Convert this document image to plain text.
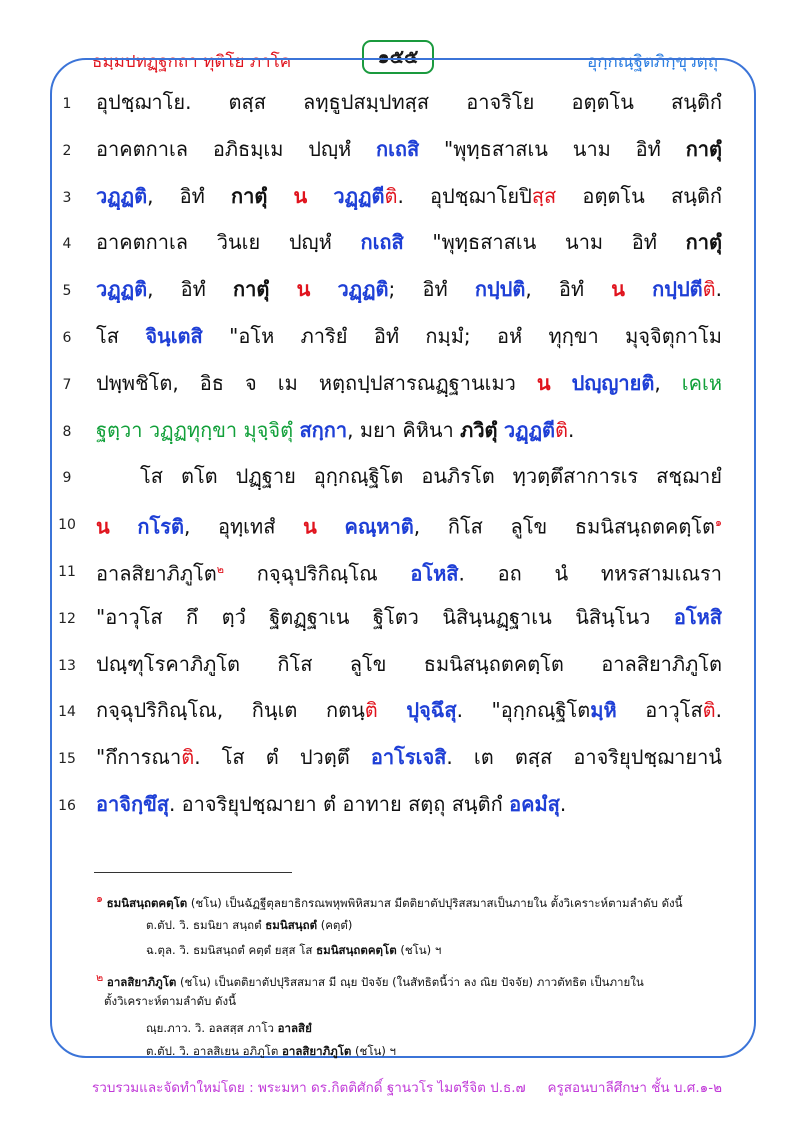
ธมฺมปทฏฺฐกถา ทุติโย ภาโค	๑๕๕	อุกฺกณฺฐิตภิกฺขุวตฺถุ
1	อุปชฺฌาโย. ตสฺส ลทฺธูปสมฺปทสฺส อาจริโย อตฺตโน สนฺติกํ
2	อาคตกาเล อภิธมฺเม ปญฺหํ กเถสิ "พุทฺธสาสเน นาม อิทํ กาตุํ
3	วฏฺฏติ, อิทํ กาตุํ น วฏฺฏตีติ. อุปชฺฌาโยปิสฺส อตฺตโน สนฺติกํ
4	อาคตกาเล วินเย ปญฺหํ กเถสิ "พุทฺธสาสเน นาม อิทํ กาตุํ
5	วฏฺฏติ, อิทํ กาตุํ น วฏฺฏติ; อิทํ กปฺปติ, อิทํ น กปฺปตีติ.
6	โส จินฺเตสิ "อโห ภาริยํ อิทํ กมฺมํ; อหํ ทุกฺขา มุจฺจิตุกาโม
7	ปพฺพชิโต, อิธ จ เม หตฺถปฺปสารณฏฺฐานเมว น ปญฺญายติ, เคเห
8	ฐตฺวา วฏฺฏทุกฺขา มุจฺจิตุํ สกฺกา, มยา คิหินา ภวิตุํ วฏฺฏตีติ.
9	โส ตโต ปฏฺฐาย อุกฺกณฺฐิโต อนภิรโต ทฺวตฺตึสาการเร สชฺฌายํ
10 น กโรติ, อุทฺเทสํ น คณฺหาติ, กิโส ลูโข ธมนิสนฺถตคตฺโต$^๑$
11 อาลสิยาภิภูโต$^๒$ กจฺฉุปริกิณฺโณ อโหสิ. อถ นํ ทหรสามเณรา
12 "อาวุโส กึ ตฺวํ ฐิตฏฺฐาเน ฐิโตว นิสินฺนฏฺฐาเน นิสินฺโนว อโหสิ
13 ปณฺฑุโรคาภิภูโต กิโส ลูโข ธมนิสนฺถตคตฺโต อาลสิยาภิภูโต
14 กจฺฉุปริกิณฺโณ, กินฺเต กตนฺติ ปุจฺฉึสุ. "อุกฺกณฺฐิโตมฺหิ อาวุโสติ.
15 "กึการณาติ. โส ตํ ปวตฺตึ อาโรเจสิ. เต ตสฺส อาจริยุปชฺฌายานํ
16 อาจิกฺขึสุ. อาจริยุปชฺฌายา ตํ อาทาย สตฺถุ สนฺติกํ อคมํสุ.
$^๑$ ธมนิสนฺถตคตฺโต (ชโน) เป็นฉัฏฐีตุลยาธิกรณพหุพพิหิสมาส มีตติยาตัปปุริสสมาสเป็นภายใน ตั้งวิเคราะห์ตามลำดับ ดังนี้
ต.ตัป. วิ. ธมนิยา สนฺถตํ ธมนิสนฺถตํ (คตฺตํ)
ฉ.ตุล. วิ. ธมนิสนฺถตํ คตฺตํ ยสฺส โส ธมนิสนฺถตคตฺโต (ชโน) ฯ
$^๒$ อาลสิยาภิภูโต (ชโน) เป็นตติยาตัปปุริสสมาส มี ณฺย ปัจจัย (ในสัทธิตนี้ว่า ลง ณิย ปัจจัย) ภาวตัทธิต เป็นภายใน
ตั้งวิเคราะห์ตามลำดับ ดังนี้
ณฺย.ภาว. วิ. อลสสฺส ภาโว อาลสิยํ
ต.ตัป. วิ. อาลสิเยน อภิภูโต อาลสิยาภิภูโต (ชโน) ฯ
รวบรวมและจัดทำใหม่โดย : พระมหา ดร.กิตติศักดิ์ ฐานวโร ไมตรีจิต ป.ธ.๗ ครูสอนบาลีศึกษา ชั้น บ.ศ.๑-๒
